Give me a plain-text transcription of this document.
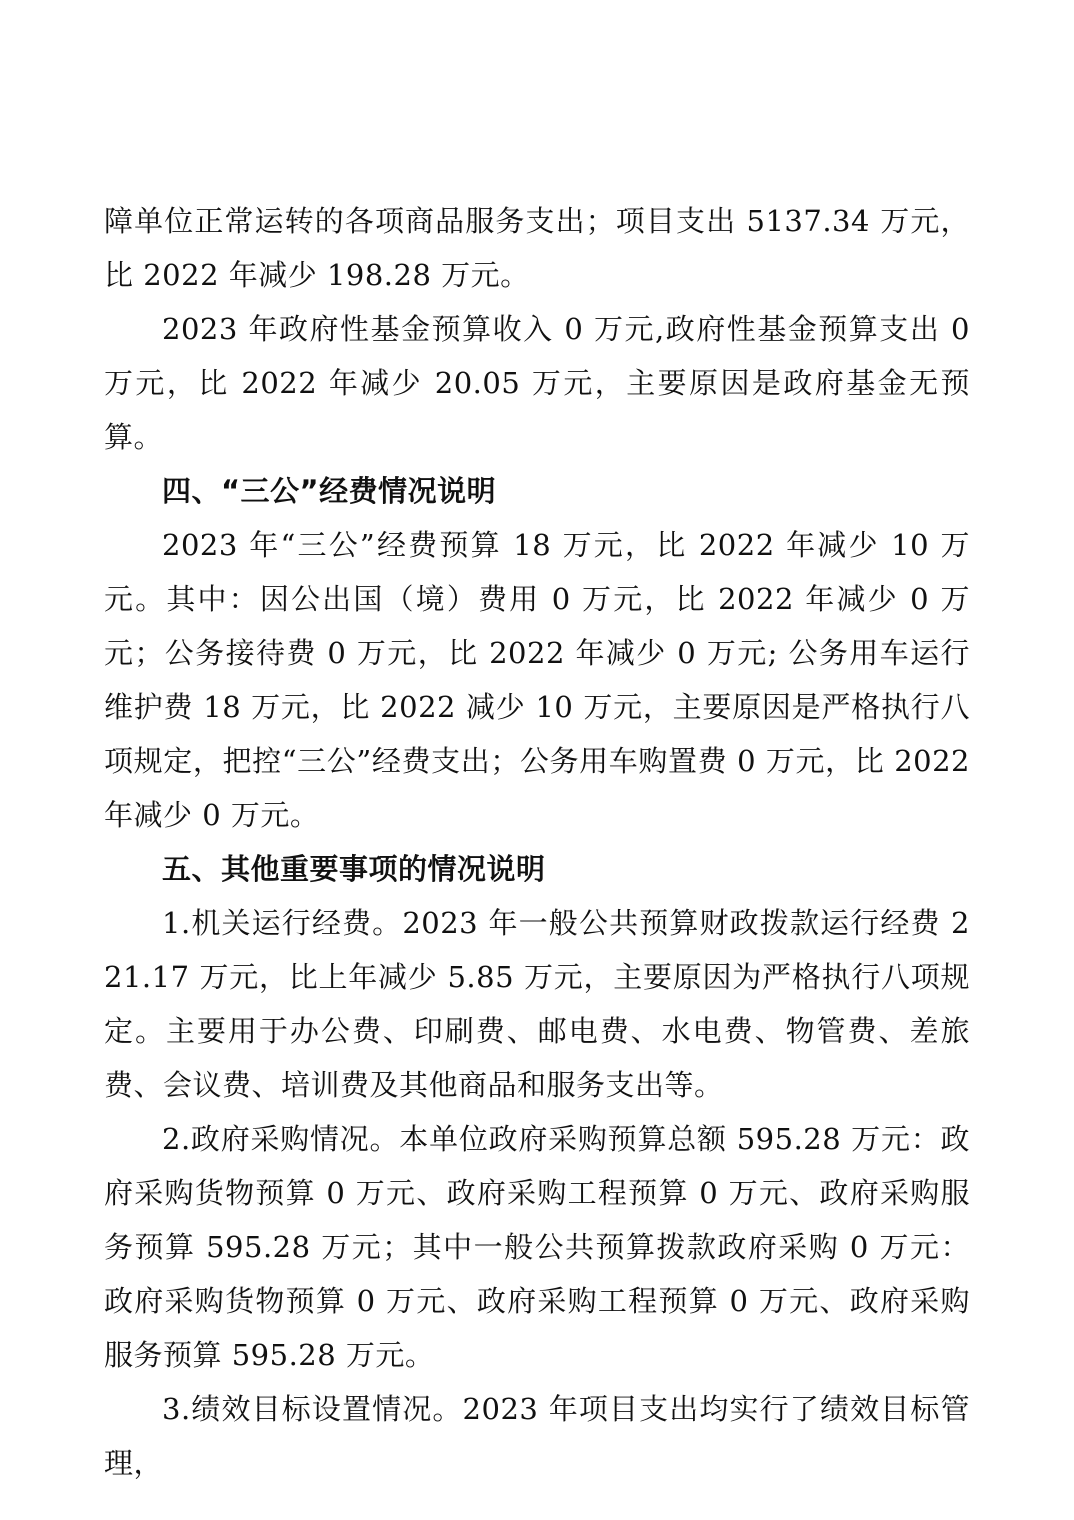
障单位正常运转的各项商品服务支出；项目支出 5137.34 万元，比 2022 年减少 198.28 万元。

2023 年政府性基金预算收入 0 万元,政府性基金预算支出 0 万元，比 2022 年减少 20.05 万元，主要原因是政府基金无预算。

四、“三公”经费情况说明

2023 年“三公”经费预算 18 万元，比 2022 年减少 10 万元。其中：因公出国（境）费用 0 万元，比 2022 年减少 0 万元；公务接待费 0 万元，比 2022 年减少 0 万元; 公务用车运行维护费 18 万元，比 2022 减少 10 万元，主要原因是严格执行八项规定，把控“三公”经费支出；公务用车购置费 0 万元，比 2022 年减少 0 万元。

五、其他重要事项的情况说明

1.机关运行经费。2023 年一般公共预算财政拨款运行经费 221.17 万元，比上年减少 5.85 万元，主要原因为严格执行八项规定。主要用于办公费、印刷费、邮电费、水电费、物管费、差旅费、会议费、培训费及其他商品和服务支出等。

2.政府采购情况。本单位政府采购预算总额 595.28 万元：政府采购货物预算 0 万元、政府采购工程预算 0 万元、政府采购服务预算 595.28 万元；其中一般公共预算拨款政府采购 0 万元：政府采购货物预算 0 万元、政府采购工程预算 0 万元、政府采购服务预算 595.28 万元。

3.绩效目标设置情况。2023 年项目支出均实行了绩效目标管理，
